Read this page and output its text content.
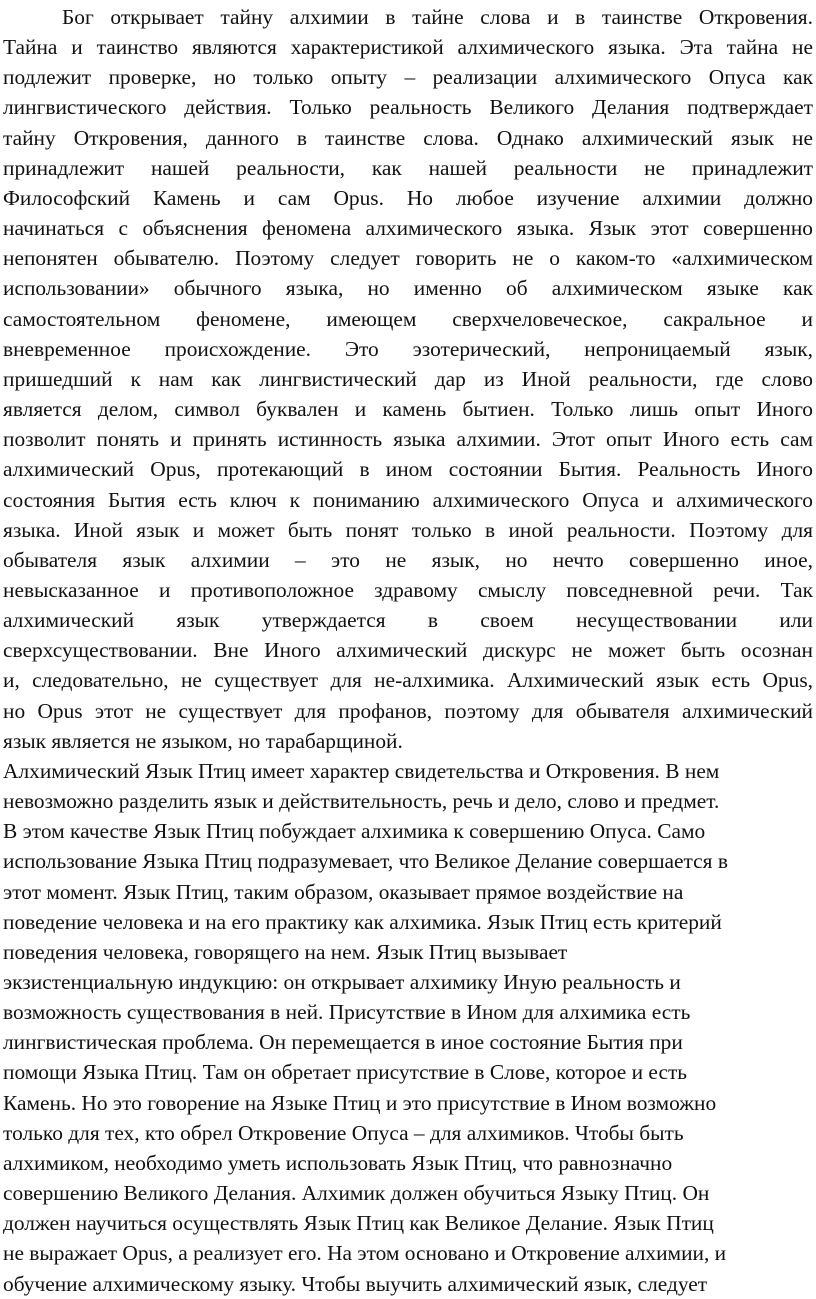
Бог открывает тайну алхимии в тайне слова и в таинстве Откровения.
Тайна и таинство являются характеристикой алхимического языка. Эта тайна не
подлежит проверке, но только опыту – реализации алхимического Опуса как
лингвистического действия. Только реальность Великого Делания подтверждает
тайну Откровения, данного в таинстве слова. Однако алхимический язык не
принадлежит нашей реальности, как нашей реальности не принадлежит
Философский Камень и сам Opus. Но любое изучение алхимии должно
начинаться с объяснения феномена алхимического языка. Язык этот совершенно
непонятен обывателю. Поэтому следует говорить не о каком-то «алхимическом
использовании» обычного языка, но именно об алхимическом языке как
самостоятельном феномене, имеющем сверхчеловеческое, сакральное и
вневременное происхождение. Это эзотерический, непроницаемый язык,
пришедший к нам как лингвистический дар из Иной реальности, где слово
является делом, символ буквален и камень бытиен. Только лишь опыт Иного
позволит понять и принять истинность языка алхимии. Этот опыт Иного есть сам
алхимический Opus, протекающий в ином состоянии Бытия. Реальность Иного
состояния Бытия есть ключ к пониманию алхимического Опуса и алхимического
языка. Иной язык и может быть понят только в иной реальности. Поэтому для
обывателя язык алхимии – это не язык, но нечто совершенно иное,
невысказанное и противоположное здравому смыслу повседневной речи. Так
алхимический язык утверждается в своем несуществовании или
сверхсуществовании. Вне Иного алхимический дискурс не может быть осознан
и, следовательно, не существует для не-алхимика. Алхимический язык есть Opus,
но Opus этот не существует для профанов, поэтому для обывателя алхимический
язык является не языком, но тарабарщиной.
Алхимический Язык Птиц имеет характер свидетельства и Откровения. В нем
невозможно разделить язык и действительность, речь и дело, слово и предмет.
В этом качестве Язык Птиц побуждает алхимика к совершению Опуса. Само
использование Языка Птиц подразумевает, что Великое Делание совершается в
этот момент. Язык Птиц, таким образом, оказывает прямое воздействие на
поведение человека и на его практику как алхимика. Язык Птиц есть критерий
поведения человека, говорящего на нем. Язык Птиц вызывает
экзистенциальную индукцию: он открывает алхимику Иную реальность и
возможность существования в ней. Присутствие в Ином для алхимика есть
лингвистическая проблема. Он перемещается в иное состояние Бытия при
помощи Языка Птиц. Там он обретает присутствие в Слове, которое и есть
Камень. Но это говорение на Языке Птиц и это присутствие в Ином возможно
только для тех, кто обрел Откровение Опуса – для алхимиков. Чтобы быть
алхимиком, необходимо уметь использовать Язык Птиц, что равнозначно
совершению Великого Делания. Алхимик должен обучиться Языку Птиц. Он
должен научиться осуществлять Язык Птиц как Великое Делание. Язык Птиц
не выражает Opus, а реализует его. На этом основано и Откровение алхимии, и
обучение алхимическому языку. Чтобы выучить алхимический язык, следует
